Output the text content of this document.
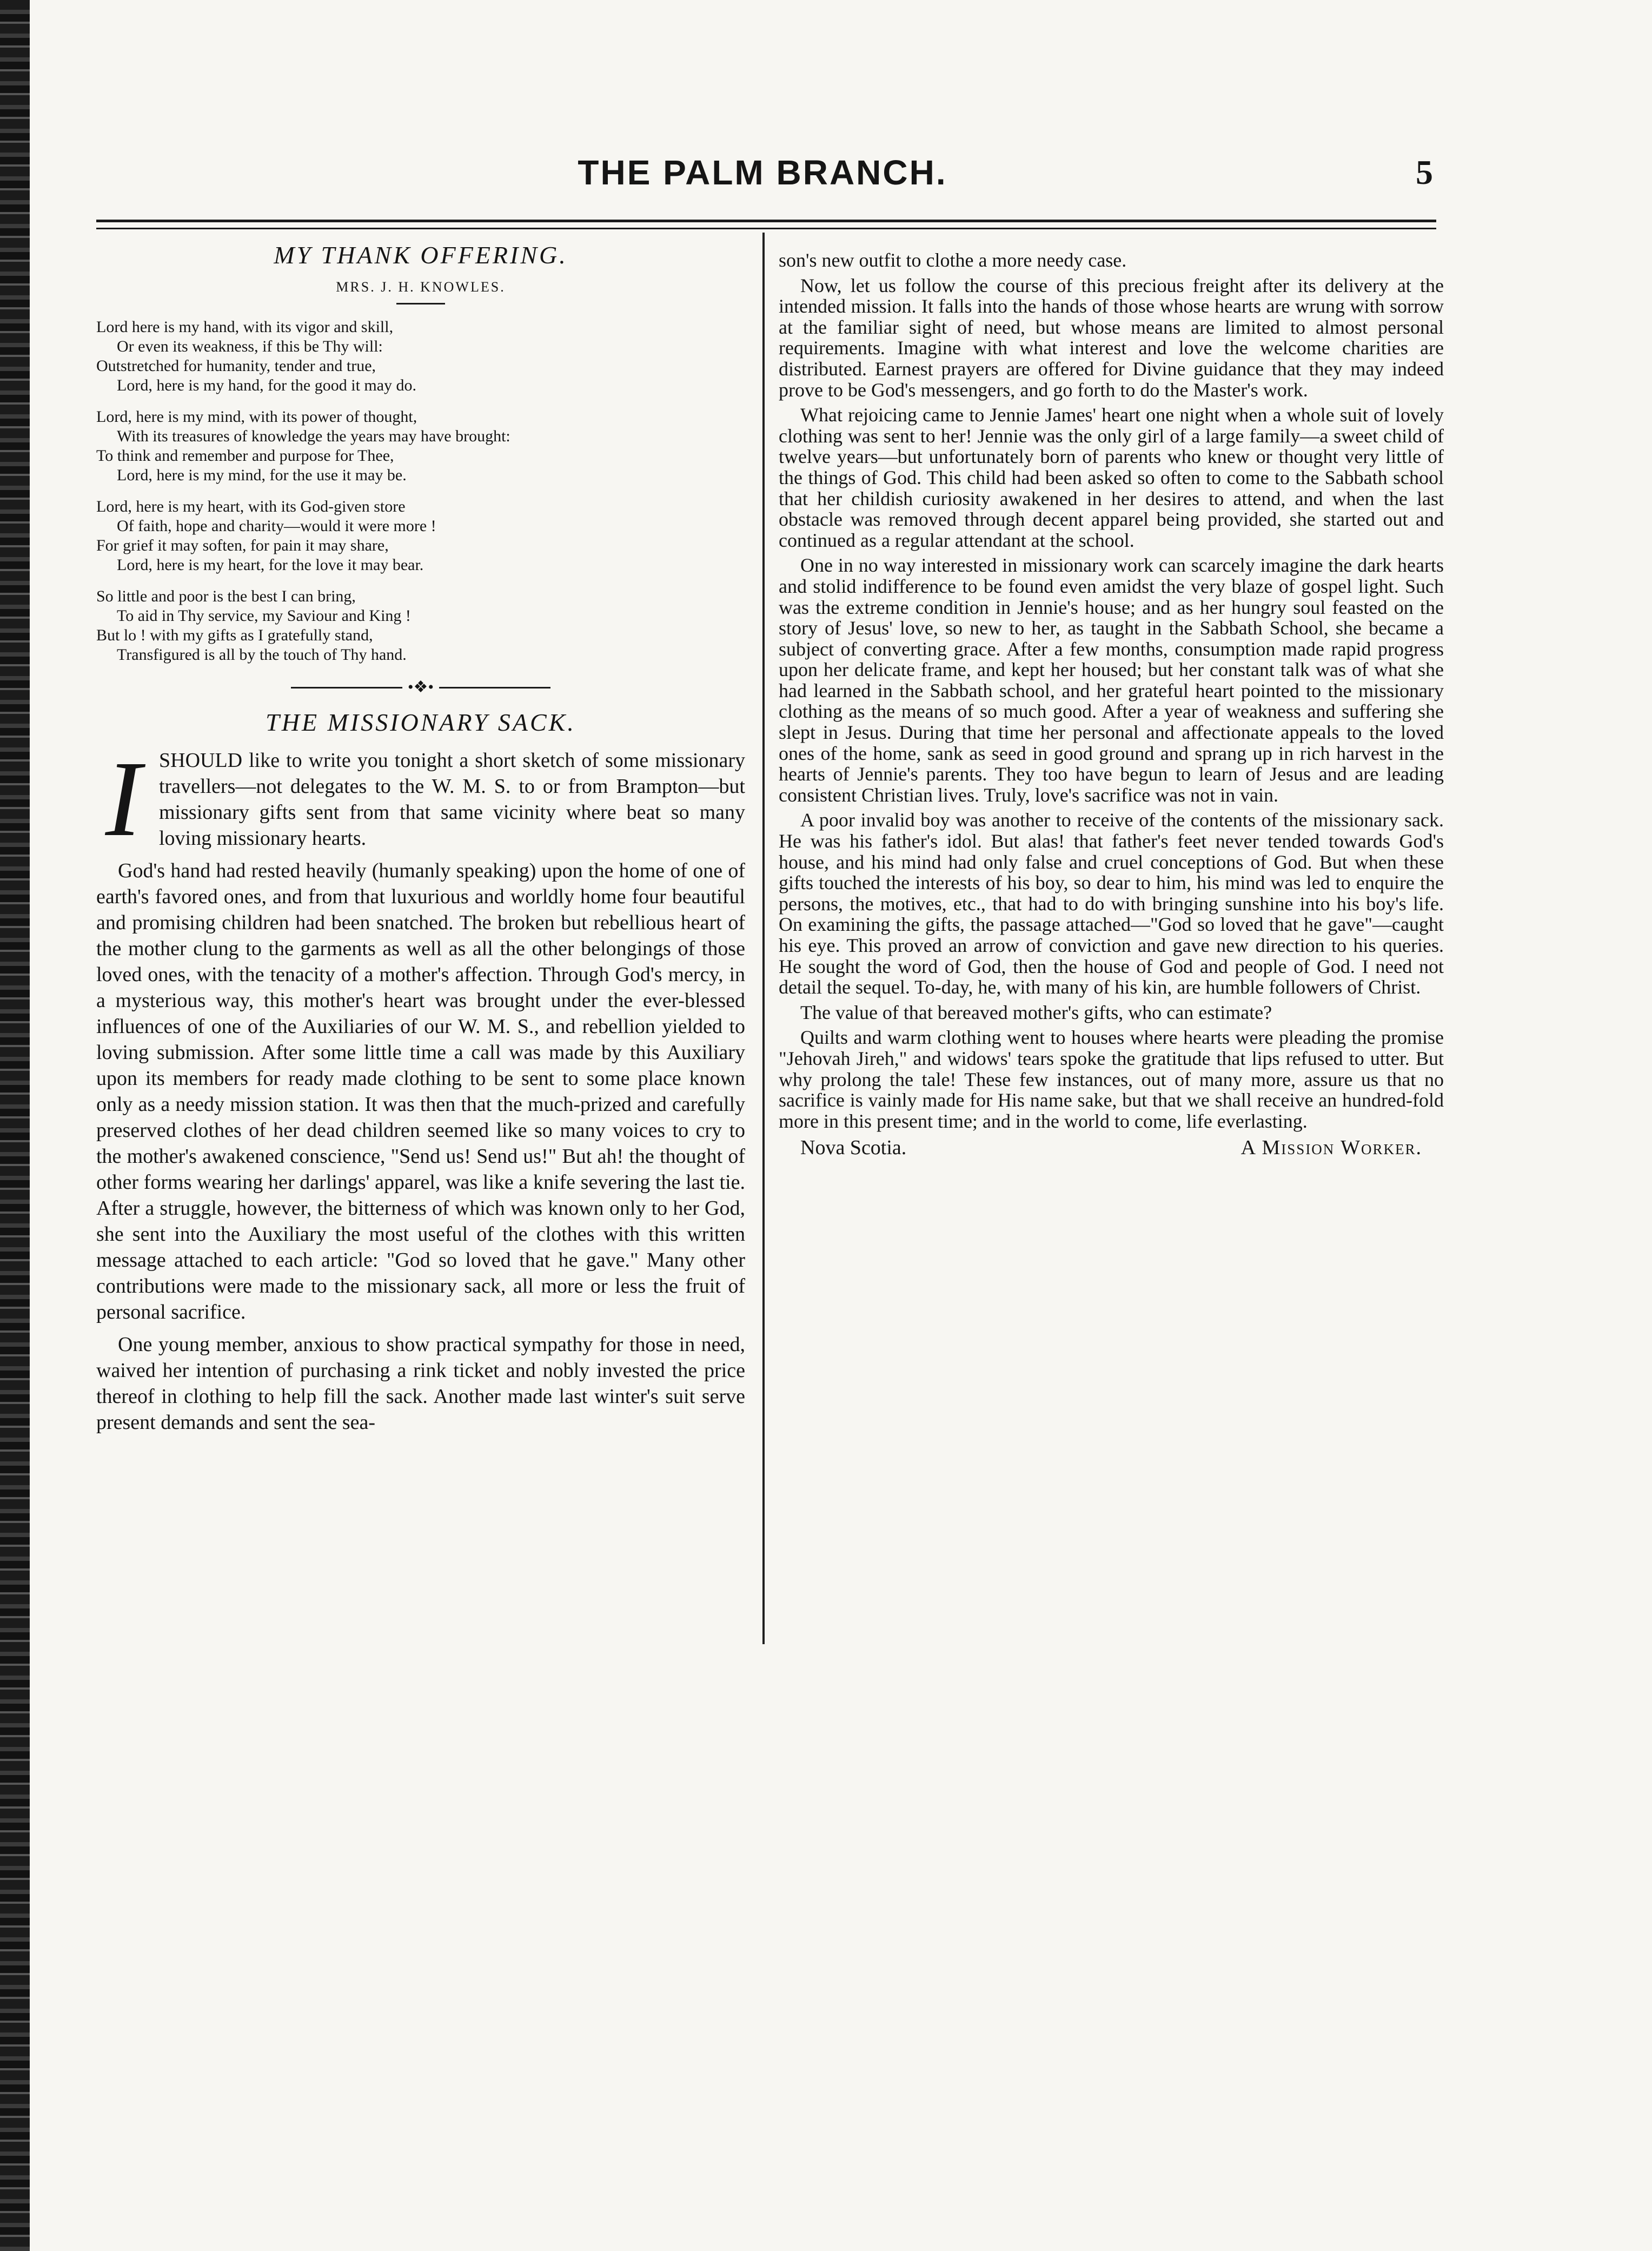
THE PALM BRANCH.	5
MY THANK OFFERING.
MRS. J. H. KNOWLES.
Lord here is my hand, with its vigor and skill,
Or even its weakness, if this be Thy will:
Outstretched for humanity, tender and true,
Lord, here is my hand, for the good it may do.
Lord, here is my mind, with its power of thought,
With its treasures of knowledge the years may have brought:
To think and remember and purpose for Thee,
Lord, here is my mind, for the use it may be.
Lord, here is my heart, with its God-given store
Of faith, hope and charity—would it were more !
For grief it may soften, for pain it may share,
Lord, here is my heart, for the love it may bear.
So little and poor is the best I can bring,
To aid in Thy service, my Saviour and King !
But lo ! with my gifts as I gratefully stand,
Transfigured is all by the touch of Thy hand.
•❖•
THE MISSIONARY SACK.

ISHOULD like to write you tonight a short sketch of some missionary travellers—not delegates to the W. M. S. to or from Brampton—but missionary gifts sent from that same vicinity where beat so many loving missionary hearts.

God's hand had rested heavily (humanly speaking) upon the home of one of earth's favored ones, and from that luxurious and worldly home four beautiful and promising children had been snatched. The broken but rebellious heart of the mother clung to the garments as well as all the other belongings of those loved ones, with the tenacity of a mother's affection. Through God's mercy, in a mysterious way, this mother's heart was brought under the ever-blessed influences of one of the Auxiliaries of our W. M. S., and rebellion yielded to loving submission. After some little time a call was made by this Auxiliary upon its members for ready made clothing to be sent to some place known only as a needy mission station. It was then that the much-prized and carefully preserved clothes of her dead children seemed like so many voices to cry to the mother's awakened conscience, "Send us! Send us!" But ah! the thought of other forms wearing her darlings' apparel, was like a knife severing the last tie. After a struggle, however, the bitterness of which was known only to her God, she sent into the Auxiliary the most useful of the clothes with this written message attached to each article: "God so loved that he gave." Many other contributions were made to the missionary sack, all more or less the fruit of personal sacrifice.

One young member, anxious to show practical sympathy for those in need, waived her intention of purchasing a rink ticket and nobly invested the price thereof in clothing to help fill the sack. Another made last winter's suit serve present demands and sent the sea-

son's new outfit to clothe a more needy case.

Now, let us follow the course of this precious freight after its delivery at the intended mission. It falls into the hands of those whose hearts are wrung with sorrow at the familiar sight of need, but whose means are limited to almost personal requirements. Imagine with what interest and love the welcome charities are distributed. Earnest prayers are offered for Divine guidance that they may indeed prove to be God's messengers, and go forth to do the Master's work.

What rejoicing came to Jennie James' heart one night when a whole suit of lovely clothing was sent to her! Jennie was the only girl of a large family—a sweet child of twelve years—but unfortunately born of parents who knew or thought very little of the things of God. This child had been asked so often to come to the Sabbath school that her childish curiosity awakened in her desires to attend, and when the last obstacle was removed through decent apparel being provided, she started out and continued as a regular attendant at the school.

One in no way interested in missionary work can scarcely imagine the dark hearts and stolid indifference to be found even amidst the very blaze of gospel light. Such was the extreme condition in Jennie's house; and as her hungry soul feasted on the story of Jesus' love, so new to her, as taught in the Sabbath School, she became a subject of converting grace. After a few months, consumption made rapid progress upon her delicate frame, and kept her housed; but her constant talk was of what she had learned in the Sabbath school, and her grateful heart pointed to the missionary clothing as the means of so much good. After a year of weakness and suffering she slept in Jesus. During that time her personal and affectionate appeals to the loved ones of the home, sank as seed in good ground and sprang up in rich harvest in the hearts of Jennie's parents. They too have begun to learn of Jesus and are leading consistent Christian lives. Truly, love's sacrifice was not in vain.

A poor invalid boy was another to receive of the contents of the missionary sack. He was his father's idol. But alas! that father's feet never tended towards God's house, and his mind had only false and cruel conceptions of God. But when these gifts touched the interests of his boy, so dear to him, his mind was led to enquire the persons, the motives, etc., that had to do with bringing sunshine into his boy's life. On examining the gifts, the passage attached—"God so loved that he gave"—caught his eye. This proved an arrow of conviction and gave new direction to his queries. He sought the word of God, then the house of God and people of God. I need not detail the sequel. To-day, he, with many of his kin, are humble followers of Christ.

The value of that bereaved mother's gifts, who can estimate?

Quilts and warm clothing went to houses where hearts were pleading the promise "Jehovah Jireh," and widows' tears spoke the gratitude that lips refused to utter. But why prolong the tale! These few instances, out of many more, assure us that no sacrifice is vainly made for His name sake, but that we shall receive an hundred-fold more in this present time; and in the world to come, life everlasting.

Nova Scotia.	A Mission Worker.
